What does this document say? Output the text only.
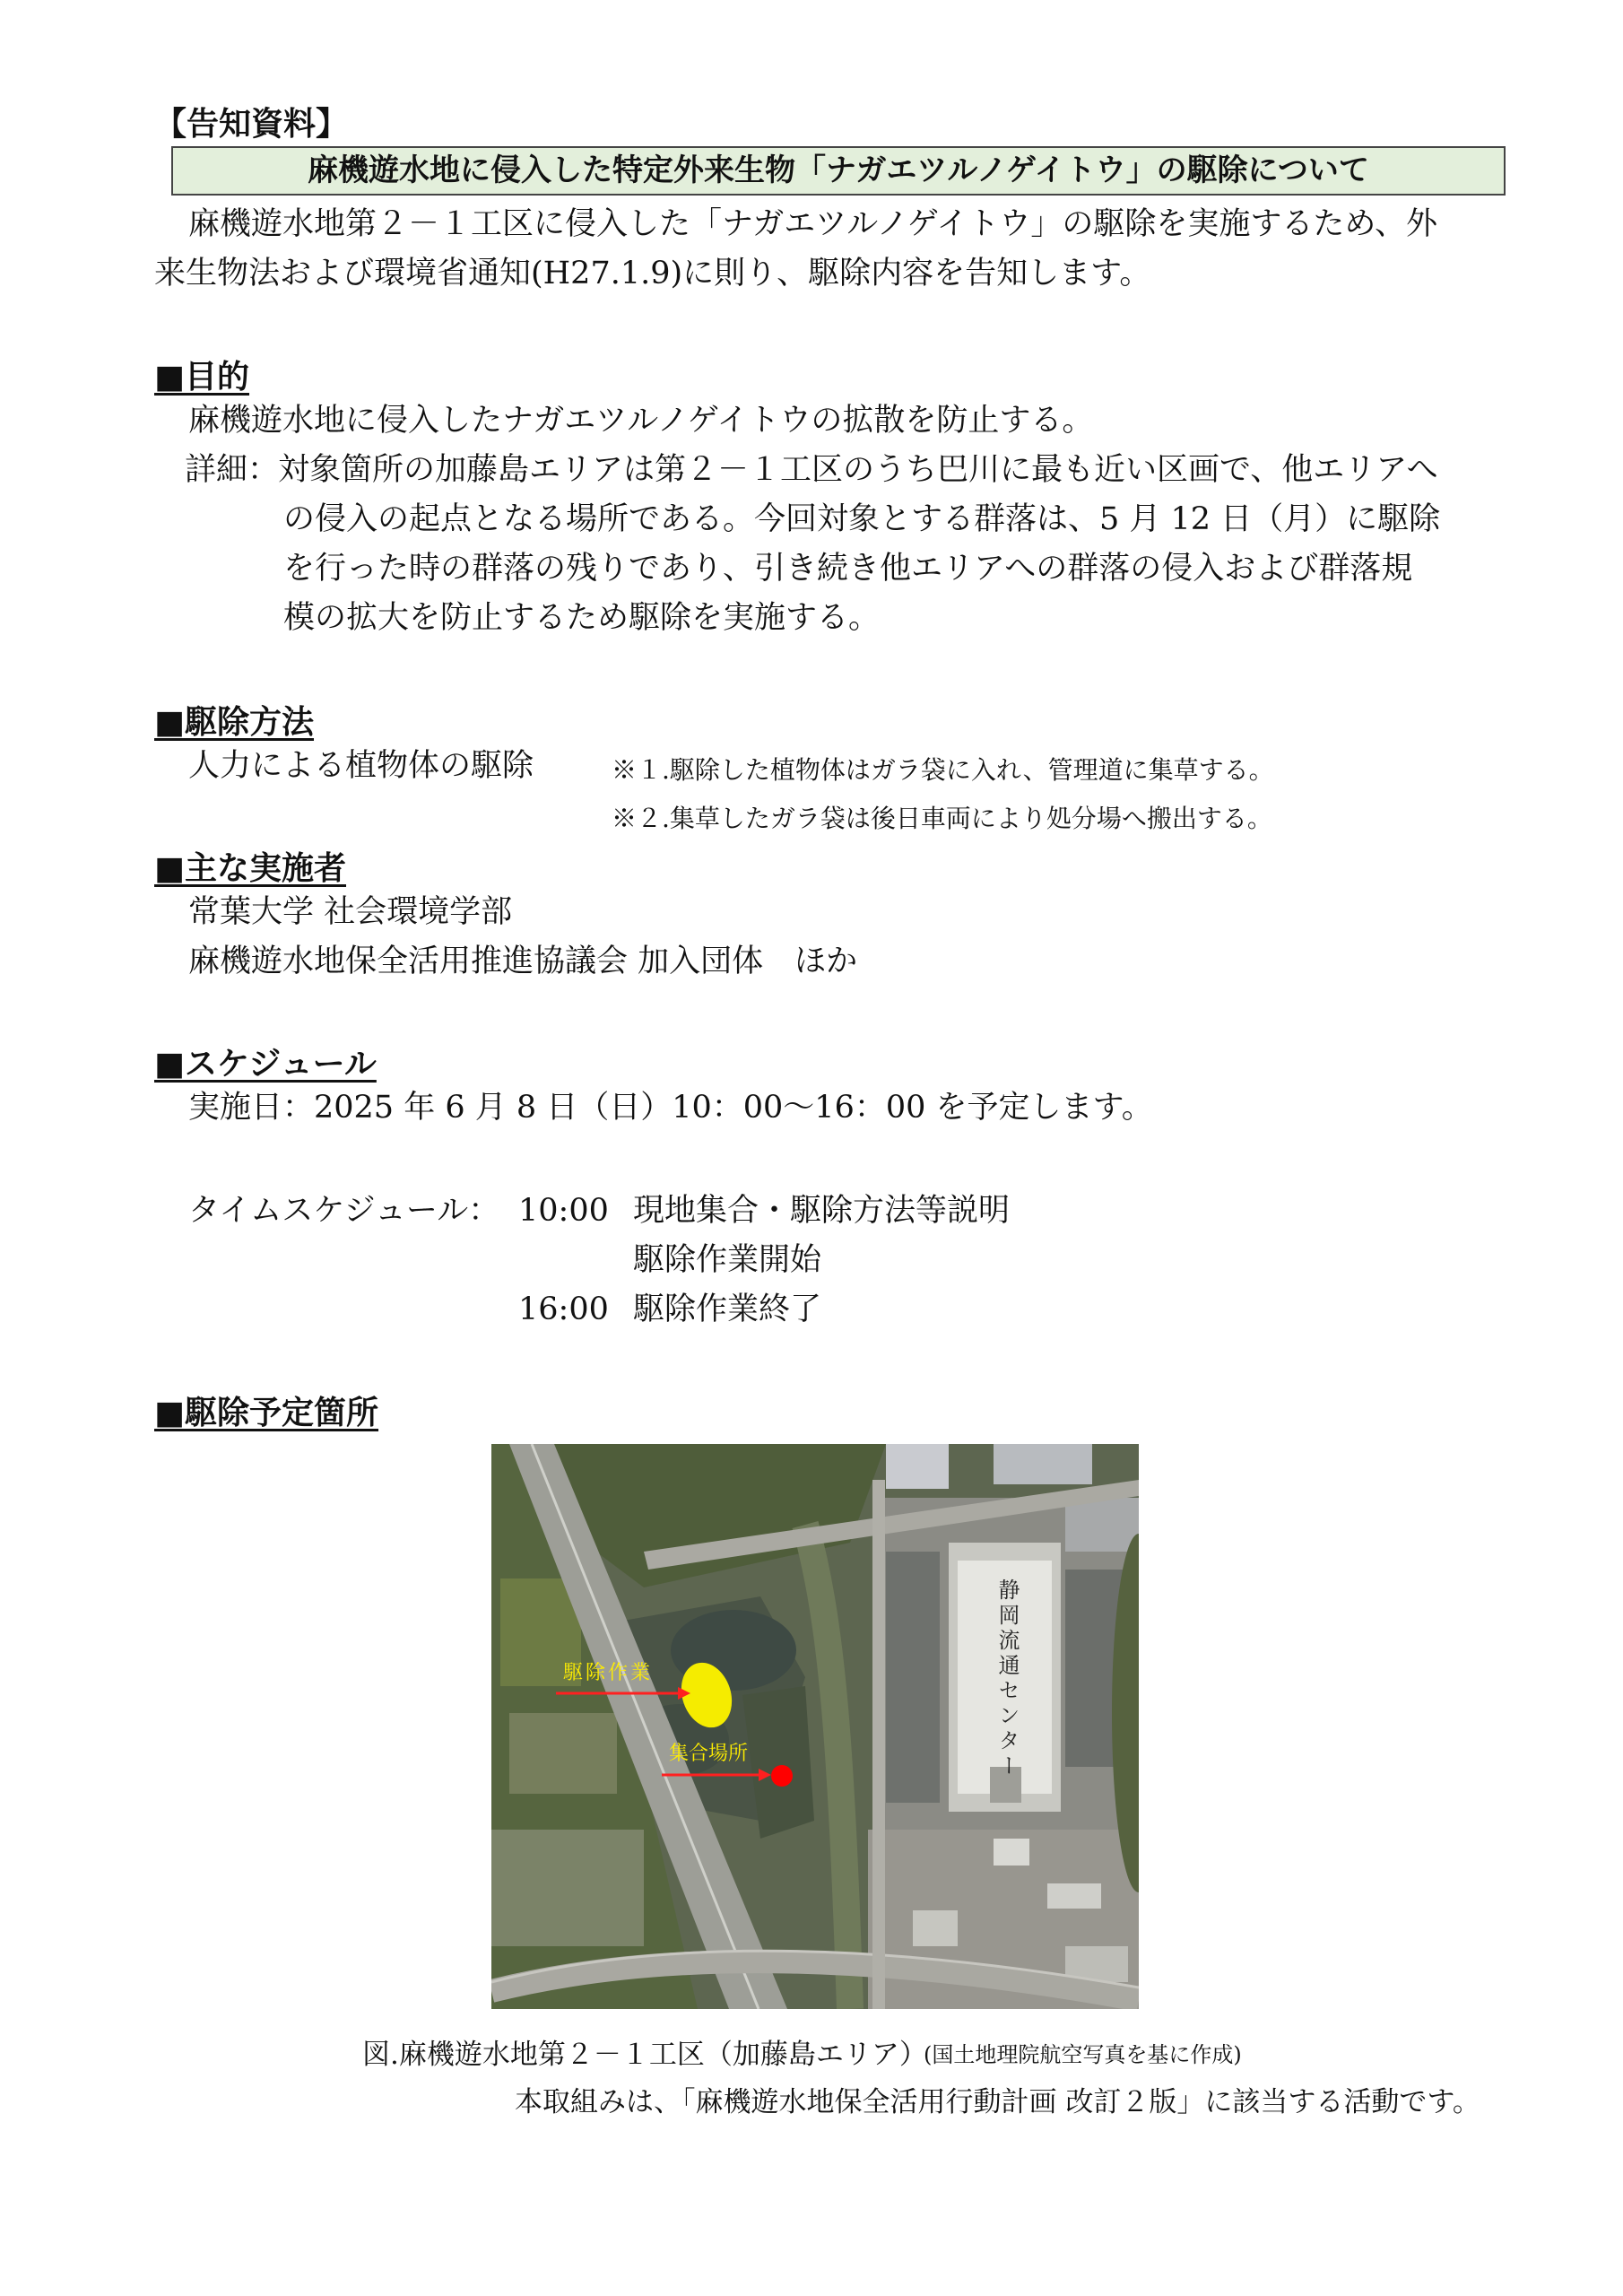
【告知資料】
麻機遊水地に侵入した特定外来生物「ナガエツルノゲイトウ」の駆除について
麻機遊水地第２－１工区に侵入した「ナガエツルノゲイトウ」の駆除を実施するため、外
来生物法および環境省通知(H27.1.9)に則り、駆除内容を告知します。
■目的
麻機遊水地に侵入したナガエツルノゲイトウの拡散を防止する。
詳細：
対象箇所の加藤島エリアは第２－１工区のうち巴川に最も近い区画で、他エリアへ
の侵入の起点となる場所である。今回対象とする群落は、5 月 12 日（月）に駆除
を行った時の群落の残りであり、引き続き他エリアへの群落の侵入および群落規
模の拡大を防止するため駆除を実施する。
■駆除方法
人力による植物体の駆除	※１.駆除した植物体はガラ袋に入れ、管理道に集草する。
※２.集草したガラ袋は後日車両により処分場へ搬出する。
■主な実施者
常葉大学 社会環境学部
麻機遊水地保全活用推進協議会 加入団体　ほか
■スケジュール
実施日：2025 年 6 月 8 日（日）10：00～16：00 を予定します。
タイムスケジュール： 10:00 現地集合・駆除方法等説明
駆除作業開始
16:00 駆除作業終了
■駆除予定箇所
駆除作業
集合場所	静岡流通センター
図.麻機遊水地第２－１工区（加藤島エリア）
(国土地理院航空写真を基に作成)
本取組みは、「麻機遊水地保全活用行動計画 改訂２版」に該当する活動です。
